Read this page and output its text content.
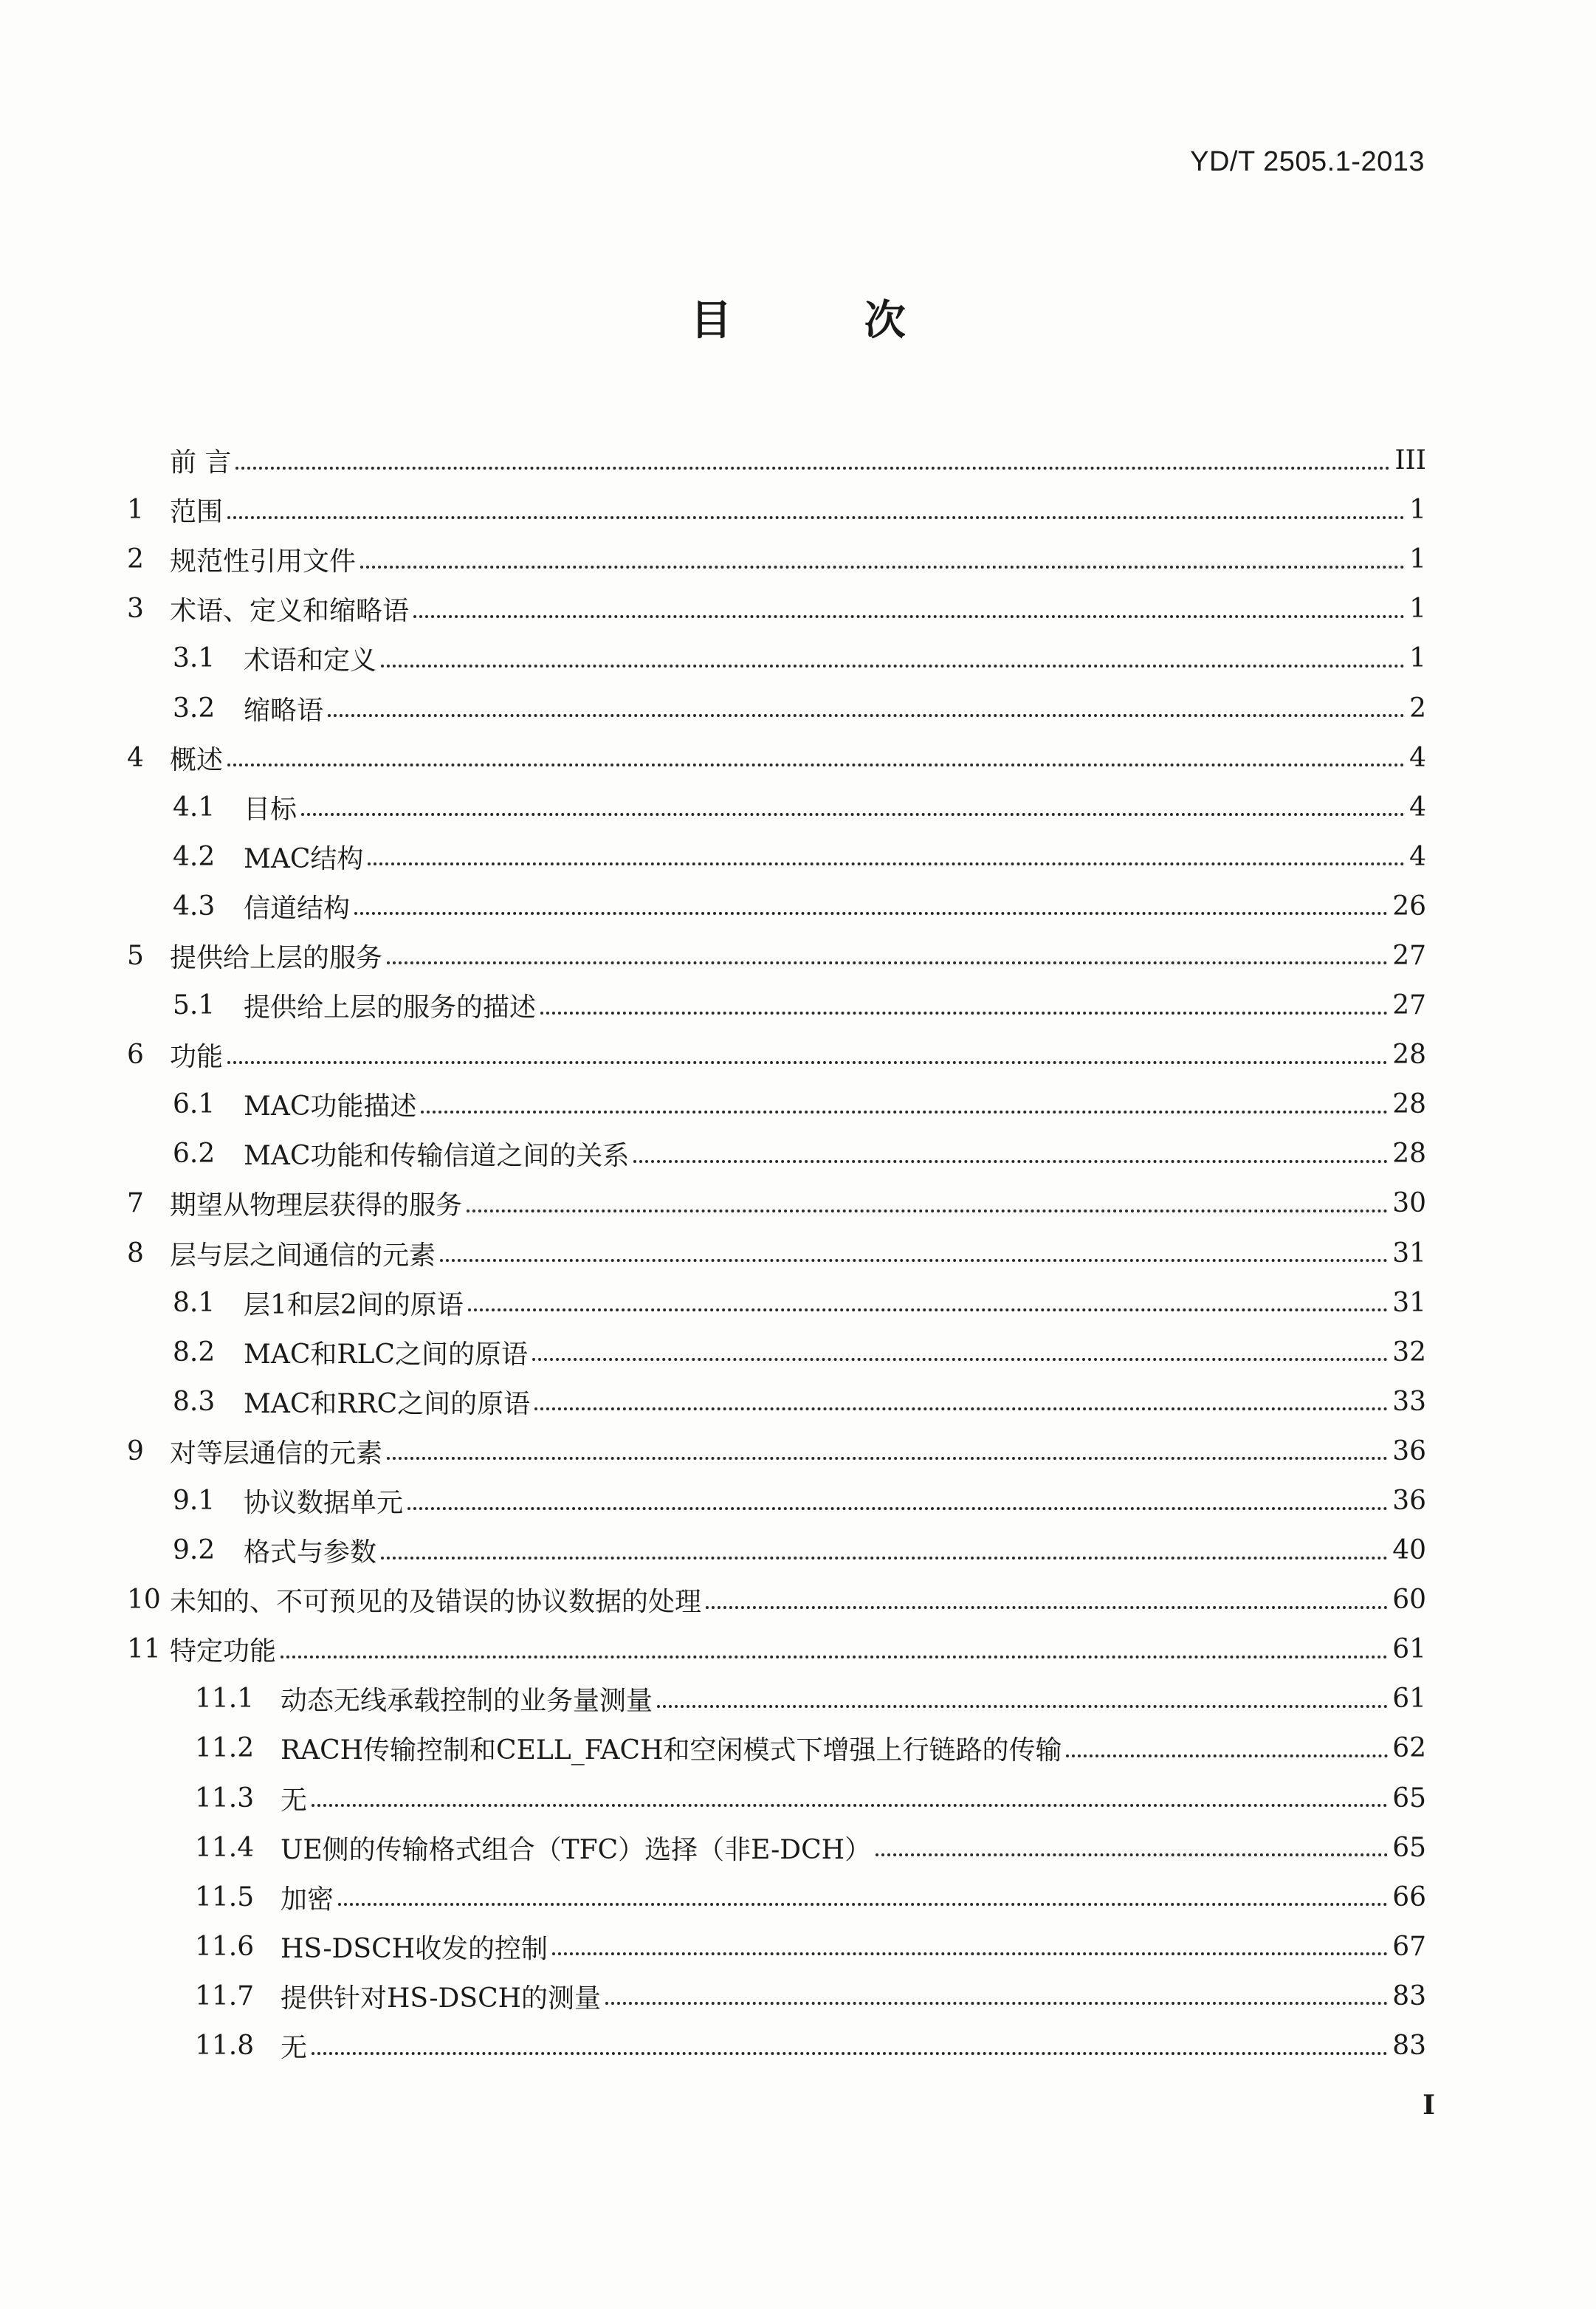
YD/T 2505.1-2013
目 次
前 言	III
1 范围	1
2 规范性引用文件	1
3 术语、定义和缩略语	1
3.1	术语和定义	1
3.2	缩略语	2
4 概述	4
4.1	目标	4
4.2	MAC结构	4
4.3	信道结构	26
5 提供给上层的服务	27
5.1	提供给上层的服务的描述	27
6 功能	28
6.1	MAC功能描述	28
6.2	MAC功能和传输信道之间的关系	28
7 期望从物理层获得的服务	30
8 层与层之间通信的元素	31
8.1	层1和层2间的原语	31
8.2	MAC和RLC之间的原语	32
8.3	MAC和RRC之间的原语	33
9 对等层通信的元素	36
9.1	协议数据单元	36
9.2	格式与参数	40
10 未知的、不可预见的及错误的协议数据的处理	60
11 特定功能	61
11.1 动态无线承载控制的业务量测量	61
11.2 RACH传输控制和CELL_FACH和空闲模式下增强上行链路的传输	62
11.3 无	65
11.4 UE侧的传输格式组合（TFC）选择（非E-DCH）	65
11.5 加密	66
11.6 HS-DSCH收发的控制	67
11.7 提供针对HS-DSCH的测量	83
11.8 无	83
I
